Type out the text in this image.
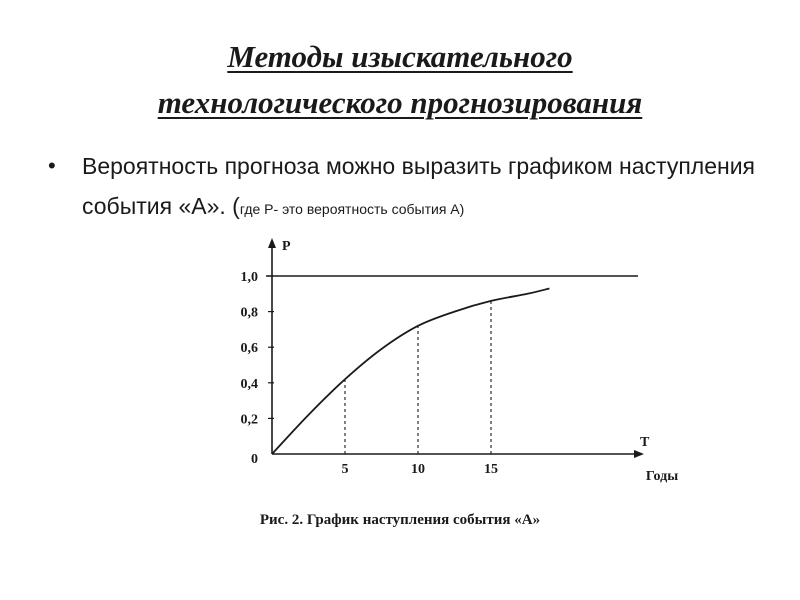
Методы изыскательного
технологического прогнозирования
• Вероятность прогноза можно выразить графиком наступления события «А». (где P- это вероятность события А)
0,2
0,4
0,6
0,8
1,0
5	10	15
0
P
T
Годы
Рис. 2. График наступления события «А»
